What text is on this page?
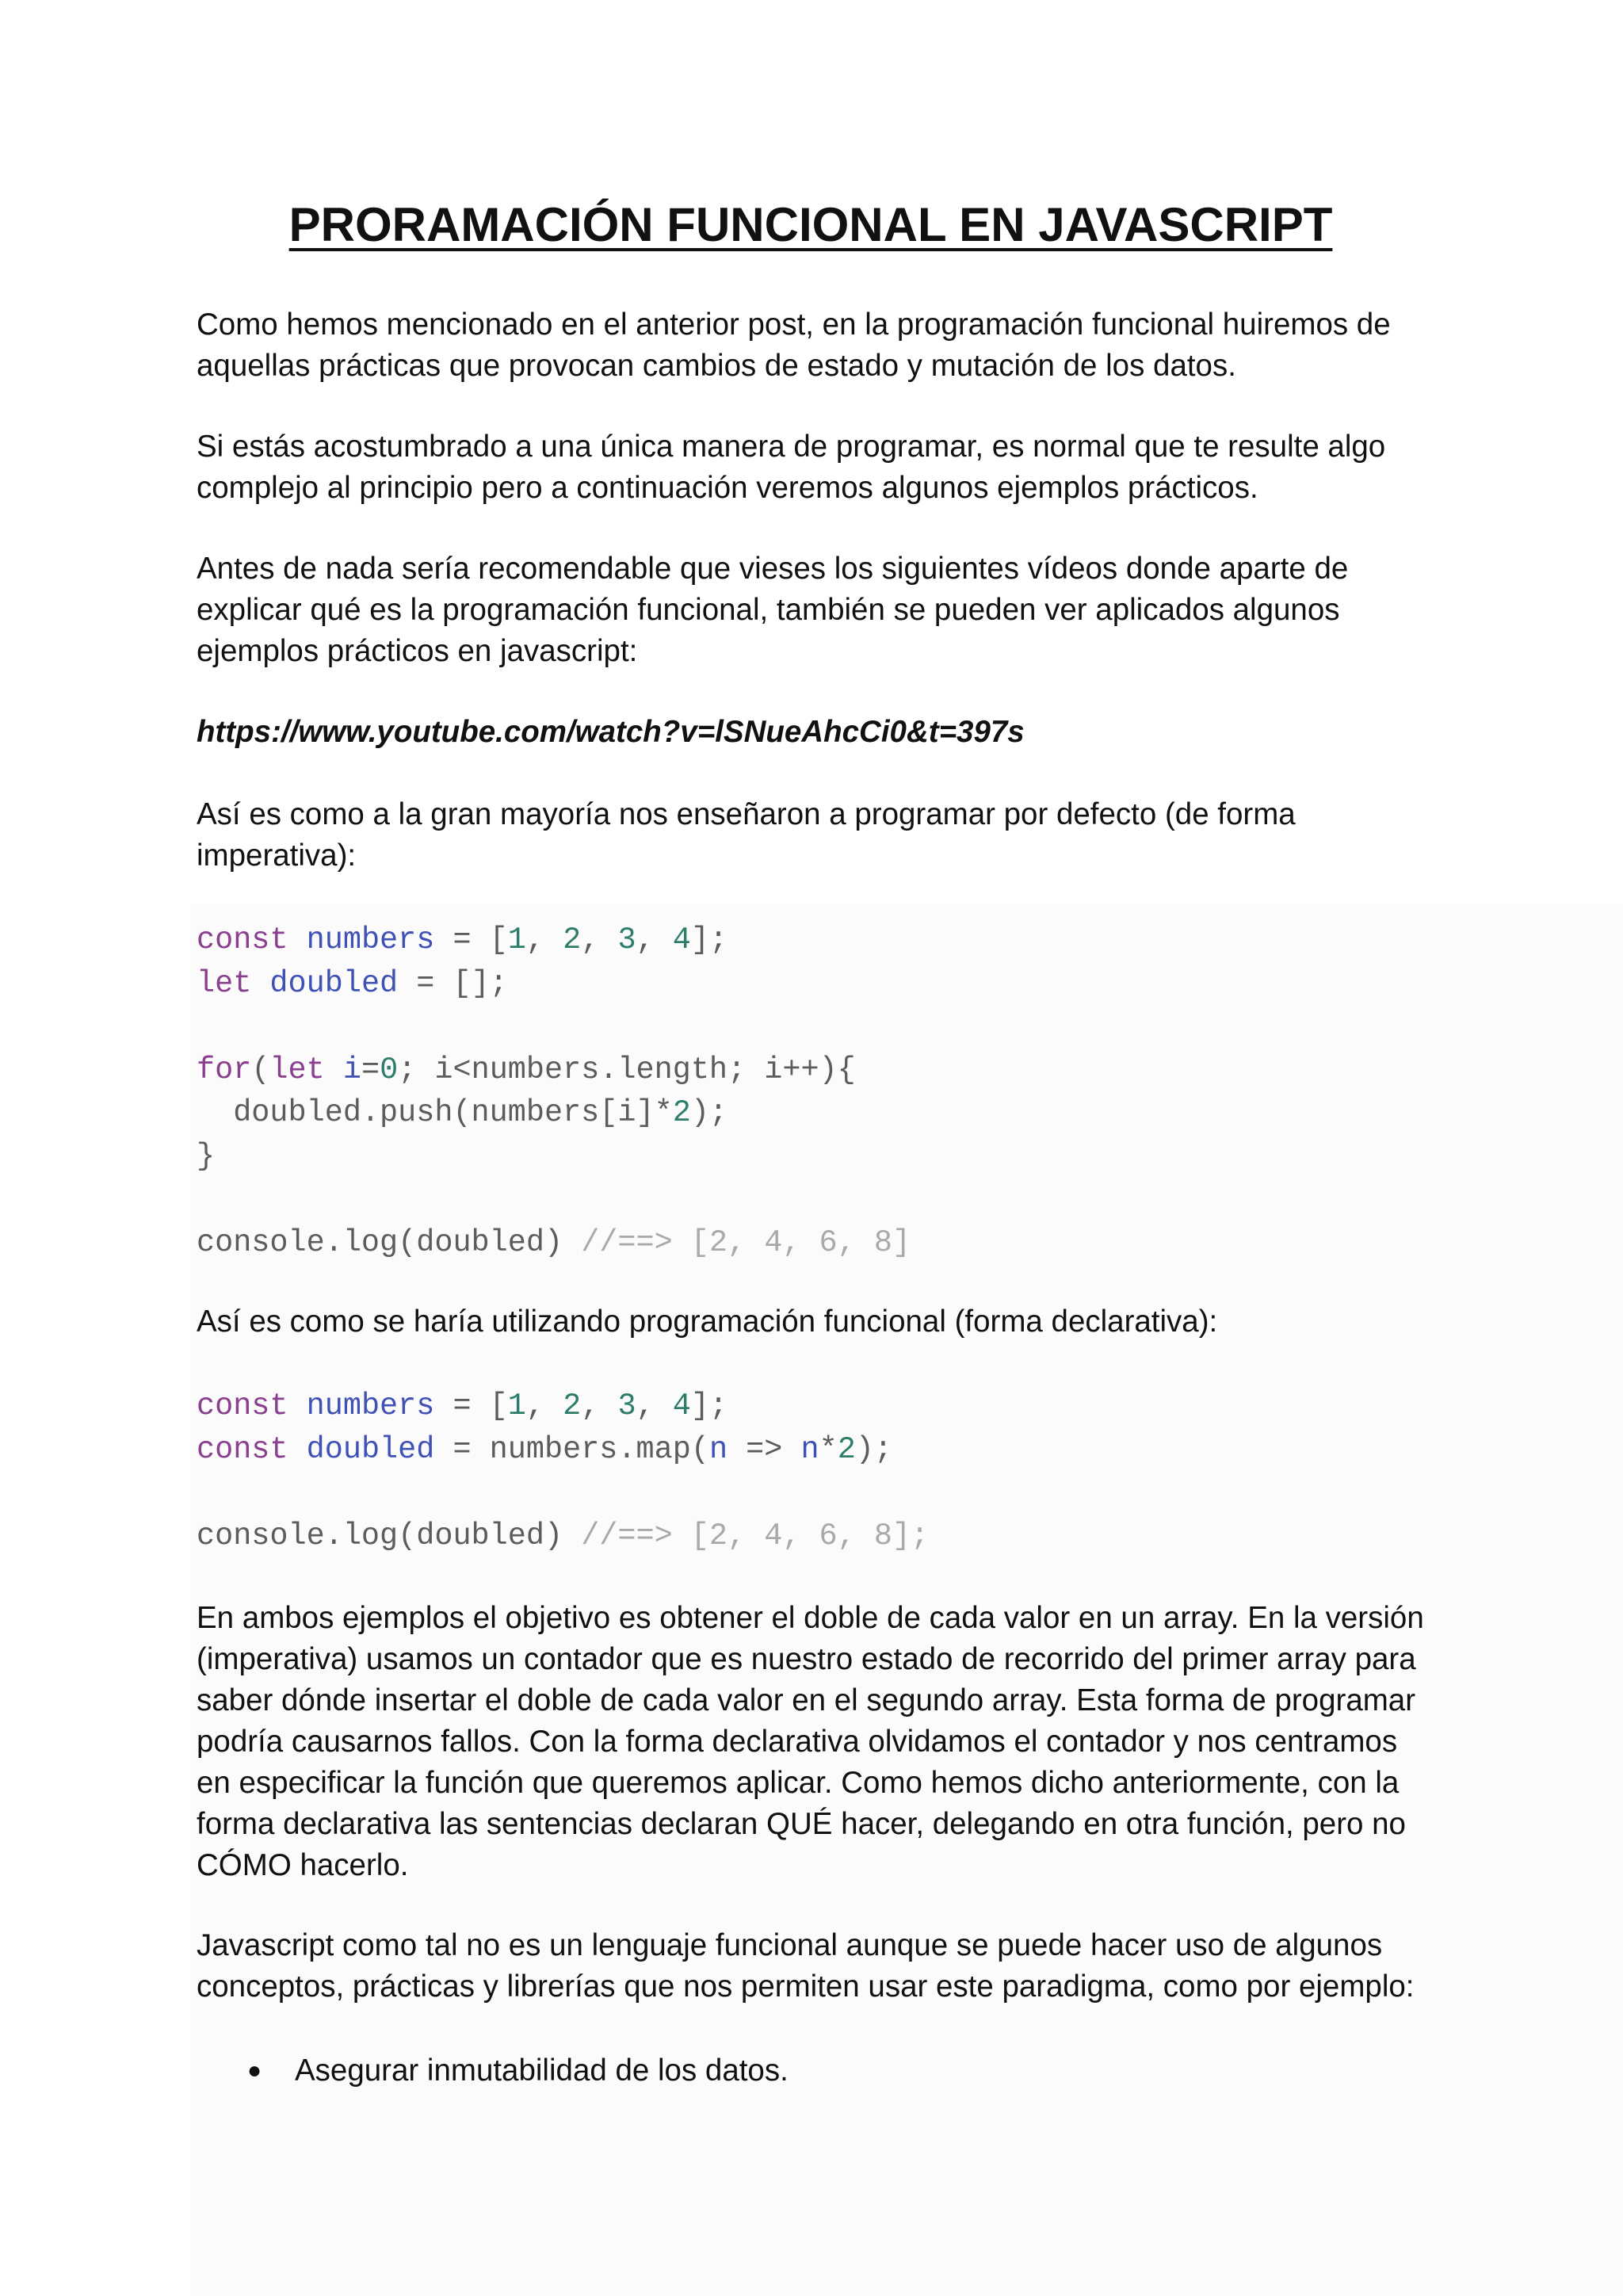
PRORAMACIÓN FUNCIONAL EN JAVASCRIPT

Como hemos mencionado en el anterior post, en la programación funcional huiremos de aquellas prácticas que provocan cambios de estado y mutación de los datos.

Si estás acostumbrado a una única manera de programar, es normal que te resulte algo complejo al principio pero a continuación veremos algunos ejemplos prácticos.

Antes de nada sería recomendable que vieses los siguientes vídeos donde aparte de explicar qué es la programación funcional, también se pueden ver aplicados algunos ejemplos prácticos en javascript:

https://www.youtube.com/watch?v=lSNueAhcCi0&t=397s

Así es como a la gran mayoría nos enseñaron a programar por defecto (de forma imperativa):

const numbers = [1, 2, 3, 4];
let doubled = [];

for(let i=0; i<numbers.length; i++){
doubled.push(numbers[i]*2);
}

console.log(doubled) //==> [2, 4, 6, 8]

Así es como se haría utilizando programación funcional (forma declarativa):

const numbers = [1, 2, 3, 4];
const doubled = numbers.map(n => n*2);

console.log(doubled) //==> [2, 4, 6, 8];

En ambos ejemplos el objetivo es obtener el doble de cada valor en un array. En la versión (imperativa) usamos un contador que es nuestro estado de recorrido del primer array para saber dónde insertar el doble de cada valor en el segundo array. Esta forma de programar podría causarnos fallos. Con la forma declarativa olvidamos el contador y nos centramos en especificar la función que queremos aplicar. Como hemos dicho anteriormente, con la forma declarativa las sentencias declaran QUÉ hacer, delegando en otra función, pero no CÓMO hacerlo.

Javascript como tal no es un lenguaje funcional aunque se puede hacer uso de algunos conceptos, prácticas y librerías que nos permiten usar este paradigma, como por ejemplo:

● Asegurar inmutabilidad de los datos.
